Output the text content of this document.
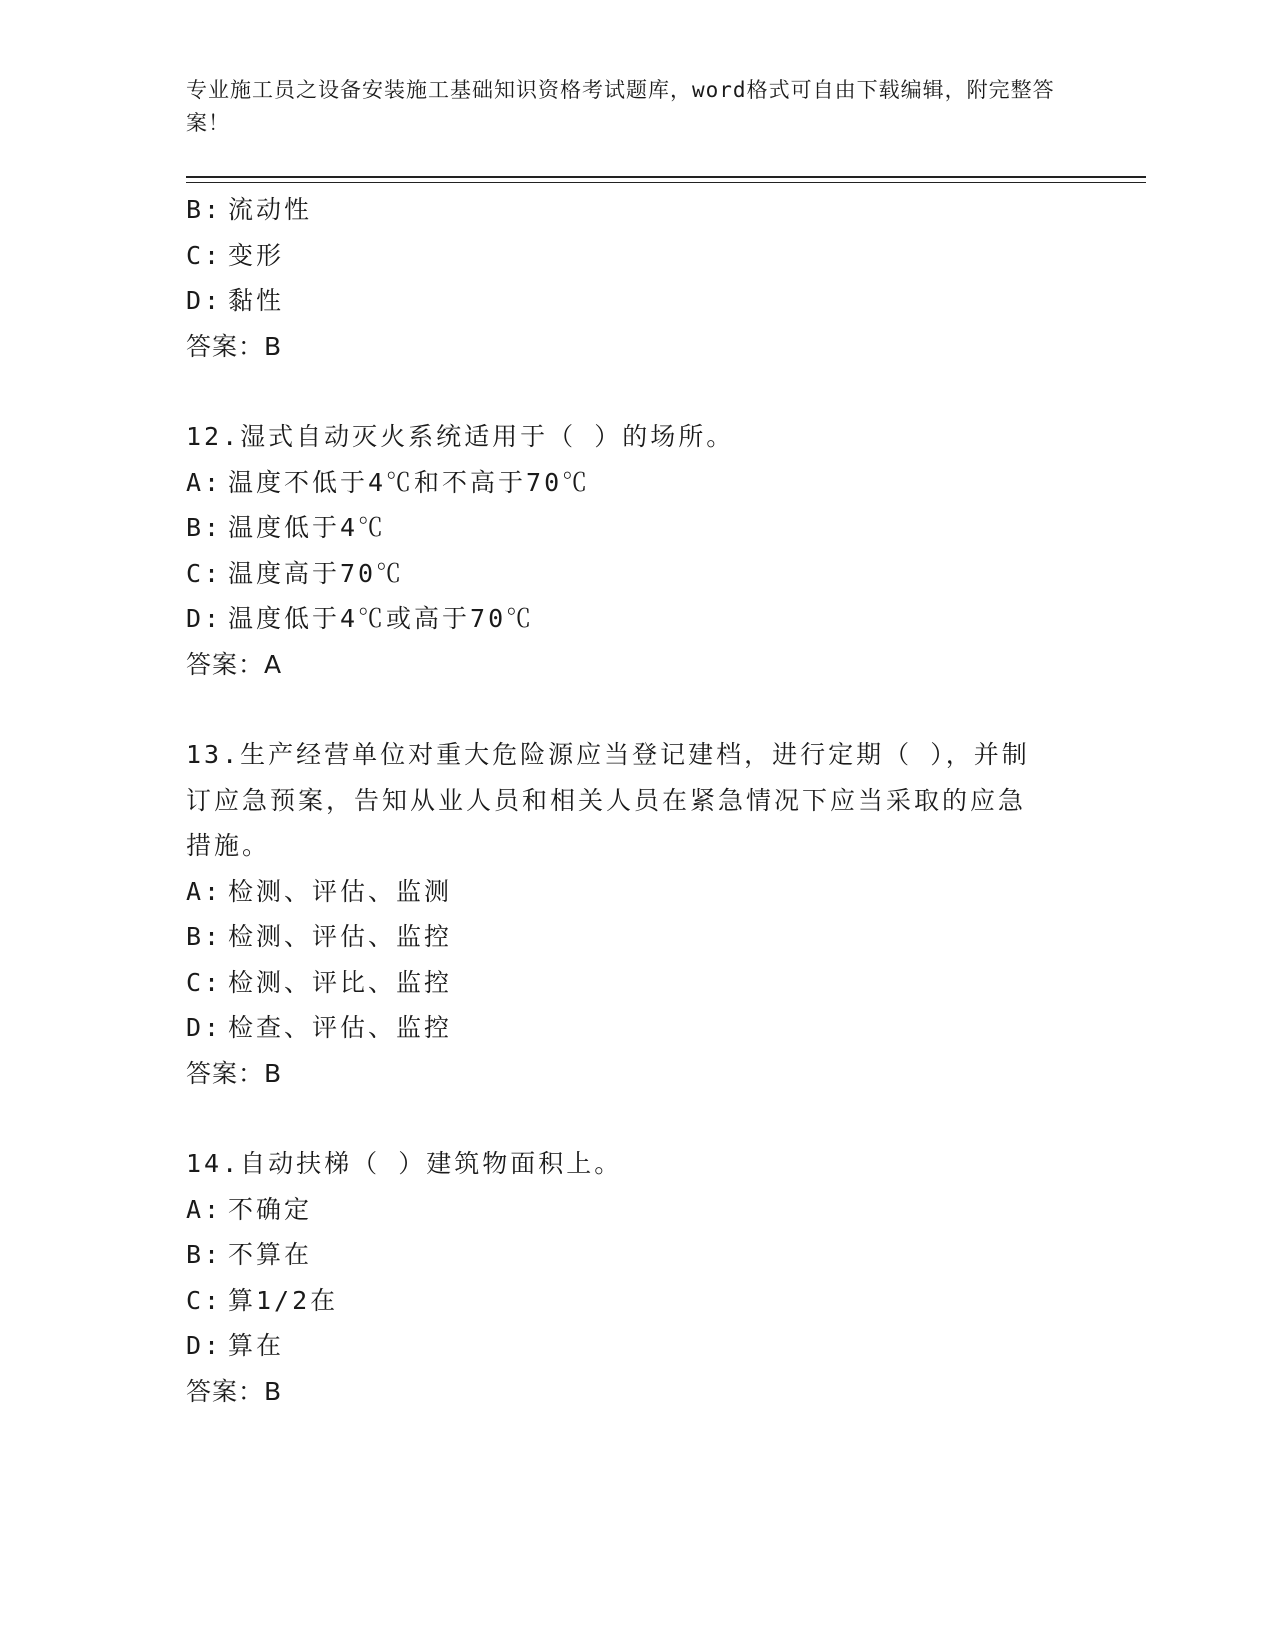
专业施工员之设备安装施工基础知识资格考试题库，word格式可自由下载编辑，附完整答案！
B: 流动性
C: 变形
D: 黏性
答案：B
12.湿式自动灭火系统适用于（ ）的场所。
A: 温度不低于4℃和不高于70℃
B: 温度低于4℃
C: 温度高于70℃
D: 温度低于4℃或高于70℃
答案：A
13.生产经营单位对重大危险源应当登记建档，进行定期（ ），并制订应急预案，告知从业人员和相关人员在紧急情况下应当采取的应急措施。
A: 检测、评估、监测
B: 检测、评估、监控
C: 检测、评比、监控
D: 检查、评估、监控
答案：B
14.自动扶梯（ ）建筑物面积上。
A: 不确定
B: 不算在
C: 算1/2在
D: 算在
答案：B
